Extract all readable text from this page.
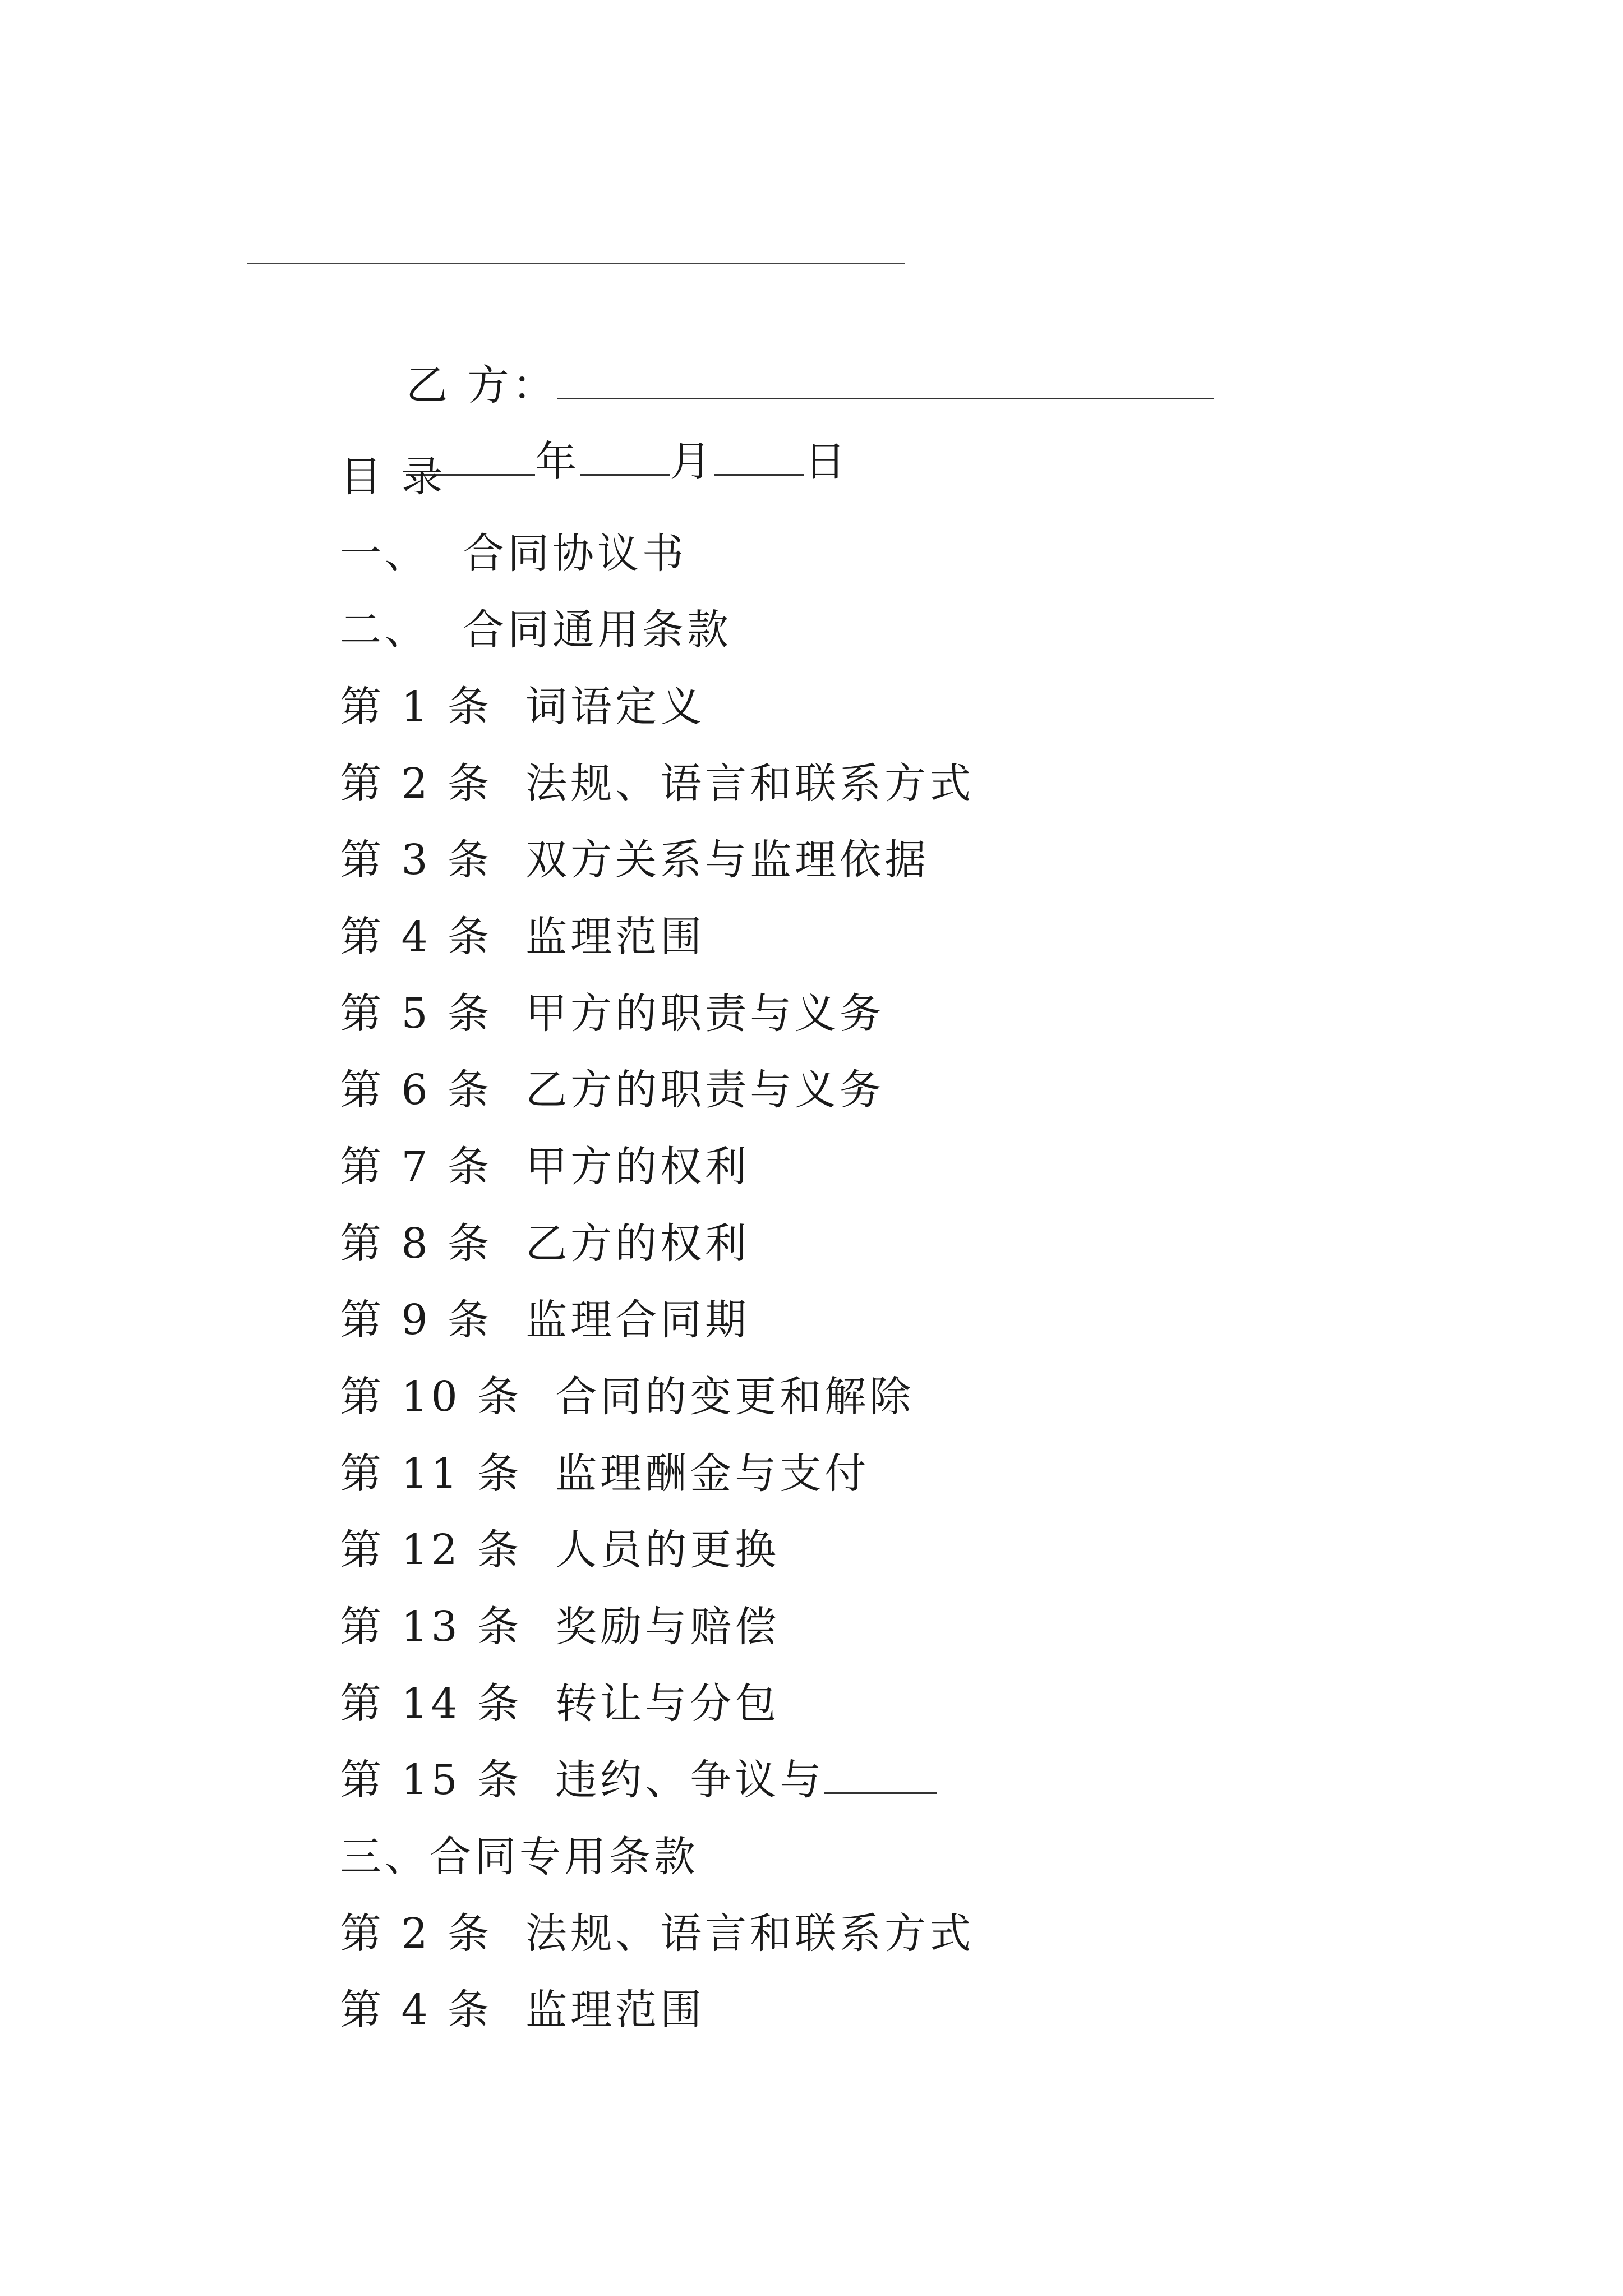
乙 方：

年 月 日

目 录
一、  合同协议书
二、  合同通用条款
第 1 条  词语定义
第 2 条  法规、语言和联系方式
第 3 条  双方关系与监理依据
第 4 条  监理范围
第 5 条  甲方的职责与义务
第 6 条  乙方的职责与义务
第 7 条  甲方的权利
第 8 条  乙方的权利
第 9 条  监理合同期
第 10 条  合同的变更和解除
第 11 条  监理酬金与支付
第 12 条  人员的更换
第 13 条  奖励与赔偿
第 14 条  转让与分包
第 15 条  违约、争议与
三、合同专用条款
第 2 条  法规、语言和联系方式
第 4 条  监理范围
